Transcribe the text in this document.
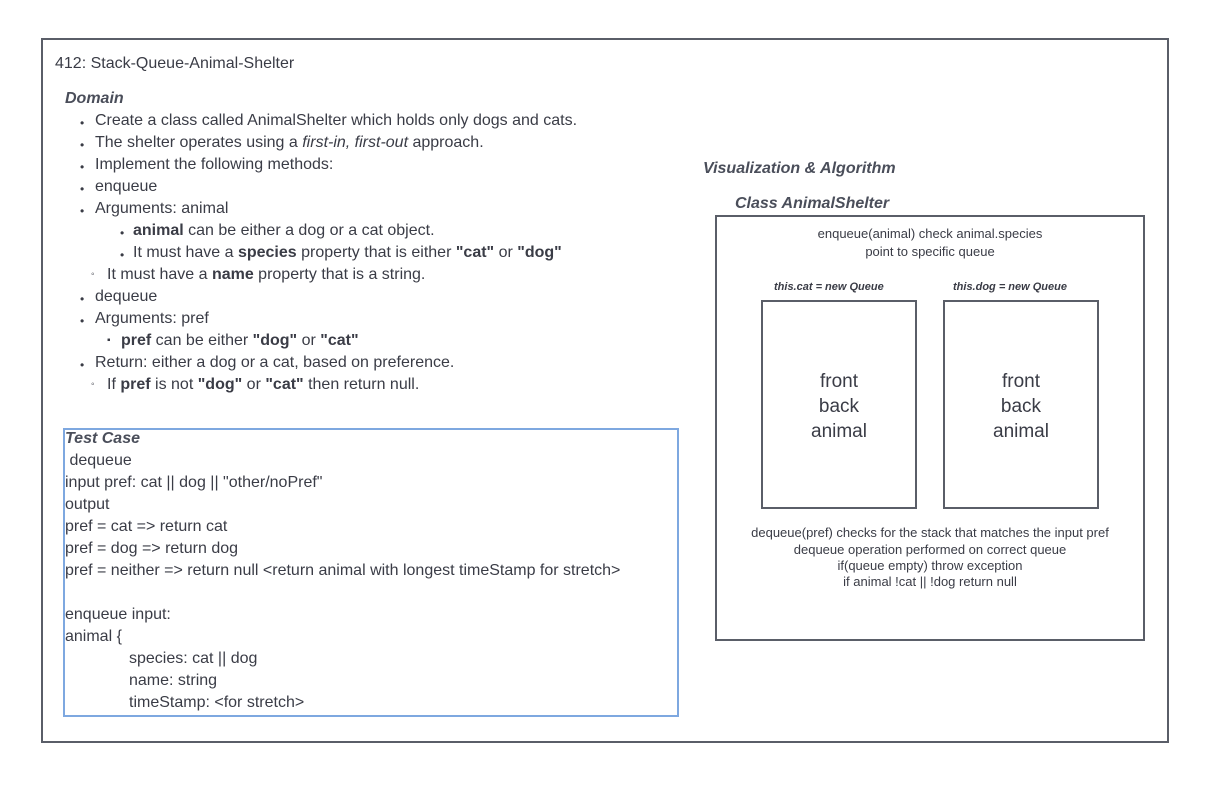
412: Stack-Queue-Animal-Shelter
Domain
• Create a class called AnimalShelter which holds only dogs and cats.
• The shelter operates using a first-in, first-out approach.
• Implement the following methods:
• enqueue
• Arguments: animal
• animal can be either a dog or a cat object.
• It must have a species property that is either "cat" or "dog"
◦ It must have a name property that is a string.
• dequeue
• Arguments: pref
▪ pref can be either "dog" or "cat"
• Return: either a dog or a cat, based on preference.
◦ If pref is not "dog" or "cat" then return null.
Test Case
dequeue
input pref: cat || dog || "other/noPref"
output
pref = cat => return cat
pref = dog => return dog
pref = neither => return null <return animal with longest timeStamp for stretch>
enqueue input:
animal {
species: cat || dog
name: string
timeStamp: <for stretch>
Visualization & Algorithm
Class AnimalShelter
enqueue(animal) check animal.species
point to specific queue
this.cat = new Queue	this.dog = new Queue
front
back
animal
front
back
animal
dequeue(pref) checks for the stack that matches the input pref
dequeue operation performed on correct queue
if(queue empty) throw exception
if animal !cat || !dog return null
